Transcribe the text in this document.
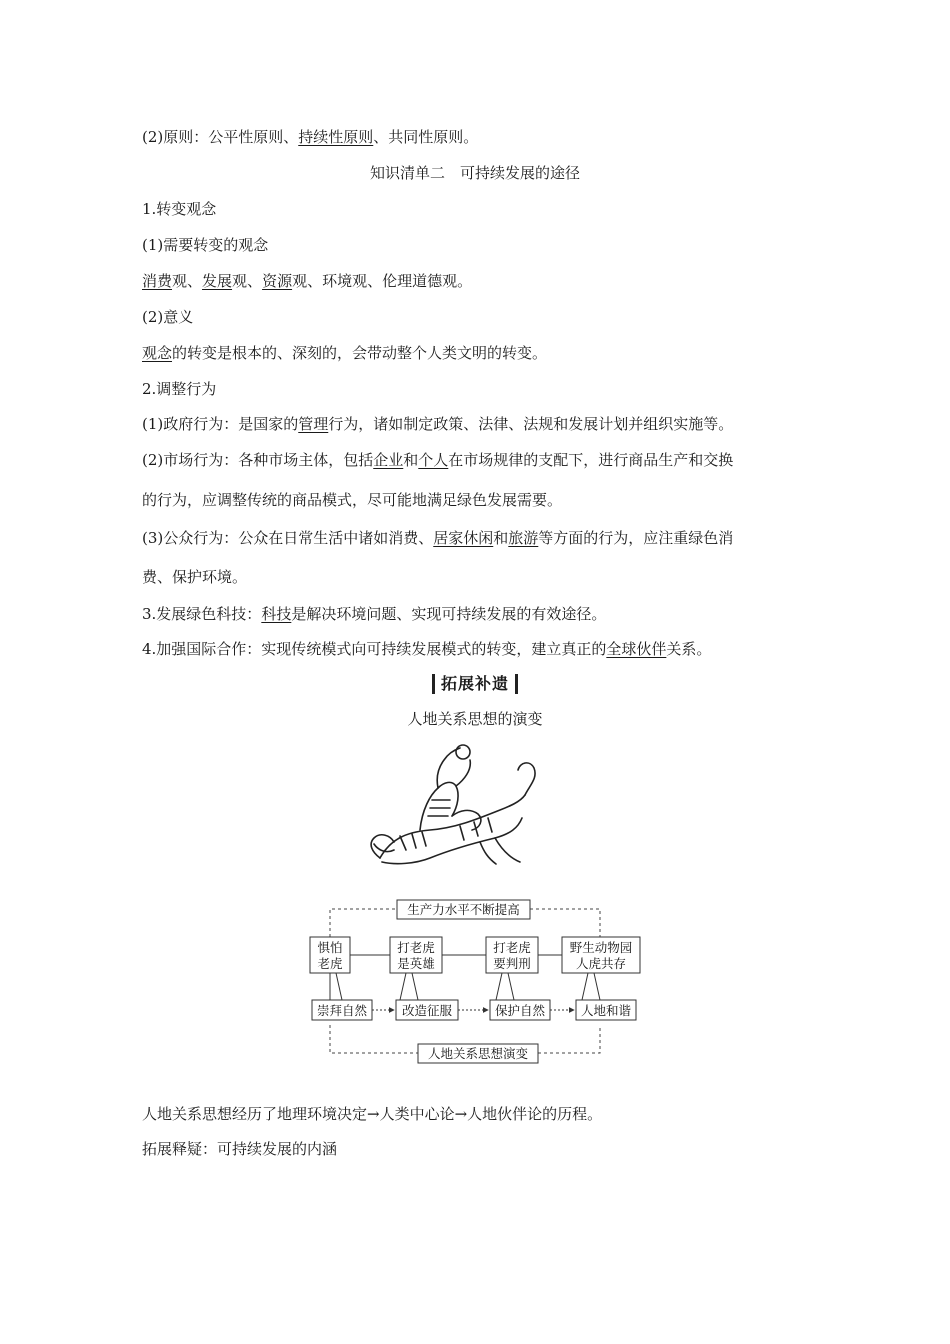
(2)原则：公平性原则、持续性原则、共同性原则。
知识清单二　可持续发展的途径
1.转变观念
(1)需要转变的观念
消费观、发展观、资源观、环境观、伦理道德观。
(2)意义
观念的转变是根本的、深刻的，会带动整个人类文明的转变。
2.调整行为
(1)政府行为：是国家的管理行为，诸如制定政策、法律、法规和发展计划并组织实施等。
(2)市场行为：各种市场主体，包括企业和个人在市场规律的支配下，进行商品生产和交换
的行为，应调整传统的商品模式，尽可能地满足绿色发展需要。
(3)公众行为：公众在日常生活中诸如消费、居家休闲和旅游等方面的行为，应注重绿色消
费、保护环境。
3.发展绿色科技：科技是解决环境问题、实现可持续发展的有效途径。
4.加强国际合作：实现传统模式向可持续发展模式的转变，建立真正的全球伙伴关系。
拓展补遗
人地关系思想的演变
生产力水平不断提高
人地关系思想演变
惧怕
老虎
打老虎
是英雄
打老虎
要判刑
野生动物园
人虎共存
崇拜自然	改造征服	保护自然	人地和谐
人地关系思想经历了地理环境决定→人类中心论→人地伙伴论的历程。
拓展释疑：可持续发展的内涵
